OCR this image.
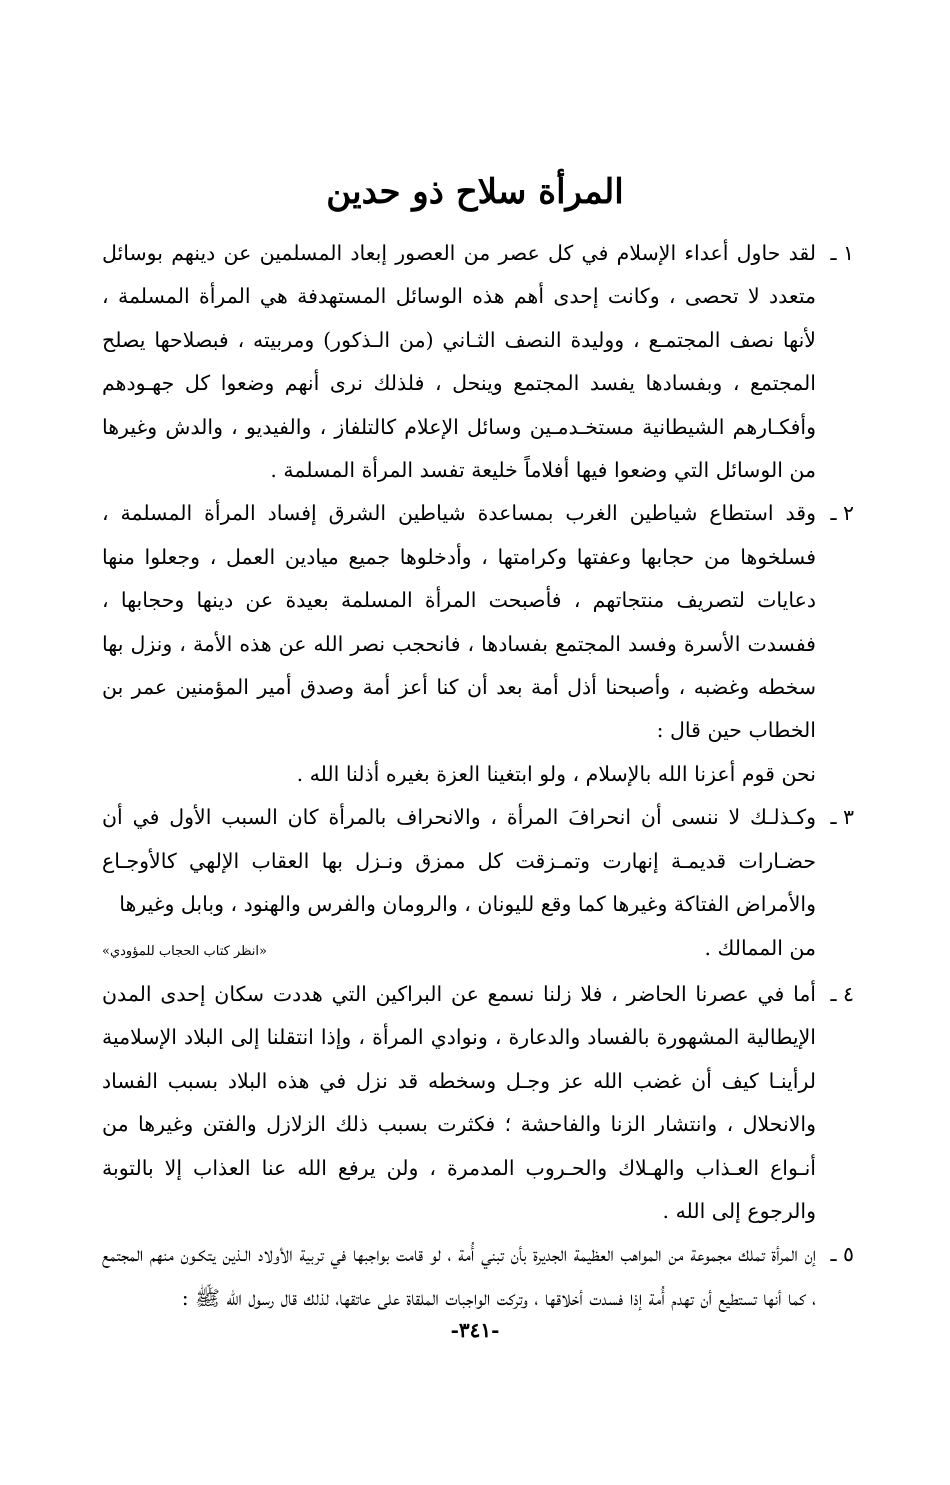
المرأة سلاح ذو حدين
١ ـ
لقد حاول أعداء الإسلام في كل عصر من العصور إبعاد المسلمين عن دينهم بوسائل متعدد لا تحصى ، وكانت إحدى أهم هذه الوسائل المستهدفة هي المرأة المسلمة ، لأنها نصف المجتمـع ، ووليدة النصف الثـاني (من الـذكور) ومربيته ، فبصلاحها يصلح المجتمع ، وبفسادها يفسد المجتمع وينحل ، فلذلك نرى أنهم وضعوا كل جهـودهم وأفكـارهم الشيطانية مستخـدمـين وسائل الإعلام كالتلفاز ، والفيديو ، والدش وغيرها من الوسائل التي وضعوا فيها أفلاماً خليعة تفسد المرأة المسلمة .
٢ ـ
وقد استطاع شياطين الغرب بمساعدة شياطين الشرق إفساد المرأة المسلمة ، فسلخوها من حجابها وعفتها وكرامتها ، وأدخلوها جميع ميادين العمل ، وجعلوا منها دعايات لتصريف منتجاتهم ، فأصبحت المرأة المسلمة بعيدة عن دينها وحجابها ، ففسدت الأسرة وفسد المجتمع بفسادها ، فانحجب نصر الله عن هذه الأمة ، ونزل بها سخطه وغضبه ، وأصبحنا أذل أمة بعد أن كنا أعز أمة وصدق أمير المؤمنين عمر بن الخطاب حين قال :
نحن قوم أعزنا الله بالإسلام ، ولو ابتغينا العزة بغيره أذلنا الله .
٣ ـ
وكـذلـك لا ننسى أن انحرافَ المرأة ، والانحراف بالمرأة كان السبب الأول في أن حضـارات قديمـة إنهارت وتمـزقت كل ممزق ونـزل بها العقاب الإلهي كالأوجـاع والأمراض الفتاكة وغيرها كما وقع لليونان ، والرومان والفرس والهنود ، وبابل وغيرها
من الممالك .
«انظر كتاب الحجاب للمؤودي»
٤ ـ
أما في عصرنا الحاضر ، فلا زلنا نسمع عن البراكين التي هددت سكان إحدى المدن الإيطالية المشهورة بالفساد والدعارة ، ونوادي المرأة ، وإذا انتقلنا إلى البلاد الإسلامية لرأينـا كيف أن غضب الله عز وجـل وسخطه قد نزل في هذه البلاد بسبب الفساد والانحلال ، وانتشار الزنا والفاحشة ؛ فكثرت بسبب ذلك الزلازل والفتن وغيرها من أنـواع العـذاب والهـلاك والحـروب المدمرة ، ولن يرفع الله عنا العذاب إلا بالتوبة والرجوع إلى الله .
٥ ـ
إن المرأة تملك مجموعة من المواهب العظيمة الجديرة بأن تبني أُمة ، لو قامت بواجبها في تربية الأولاد الـذين يتكـون منهم المجتمع ، كما أنها تستطيع أن تهدم أُمة إذا فسدت أخلاقها ، وتركت الواجبات الملقاة على عاتقها، لذلك قال رسول الله ﷺ :
-٣٤١-
